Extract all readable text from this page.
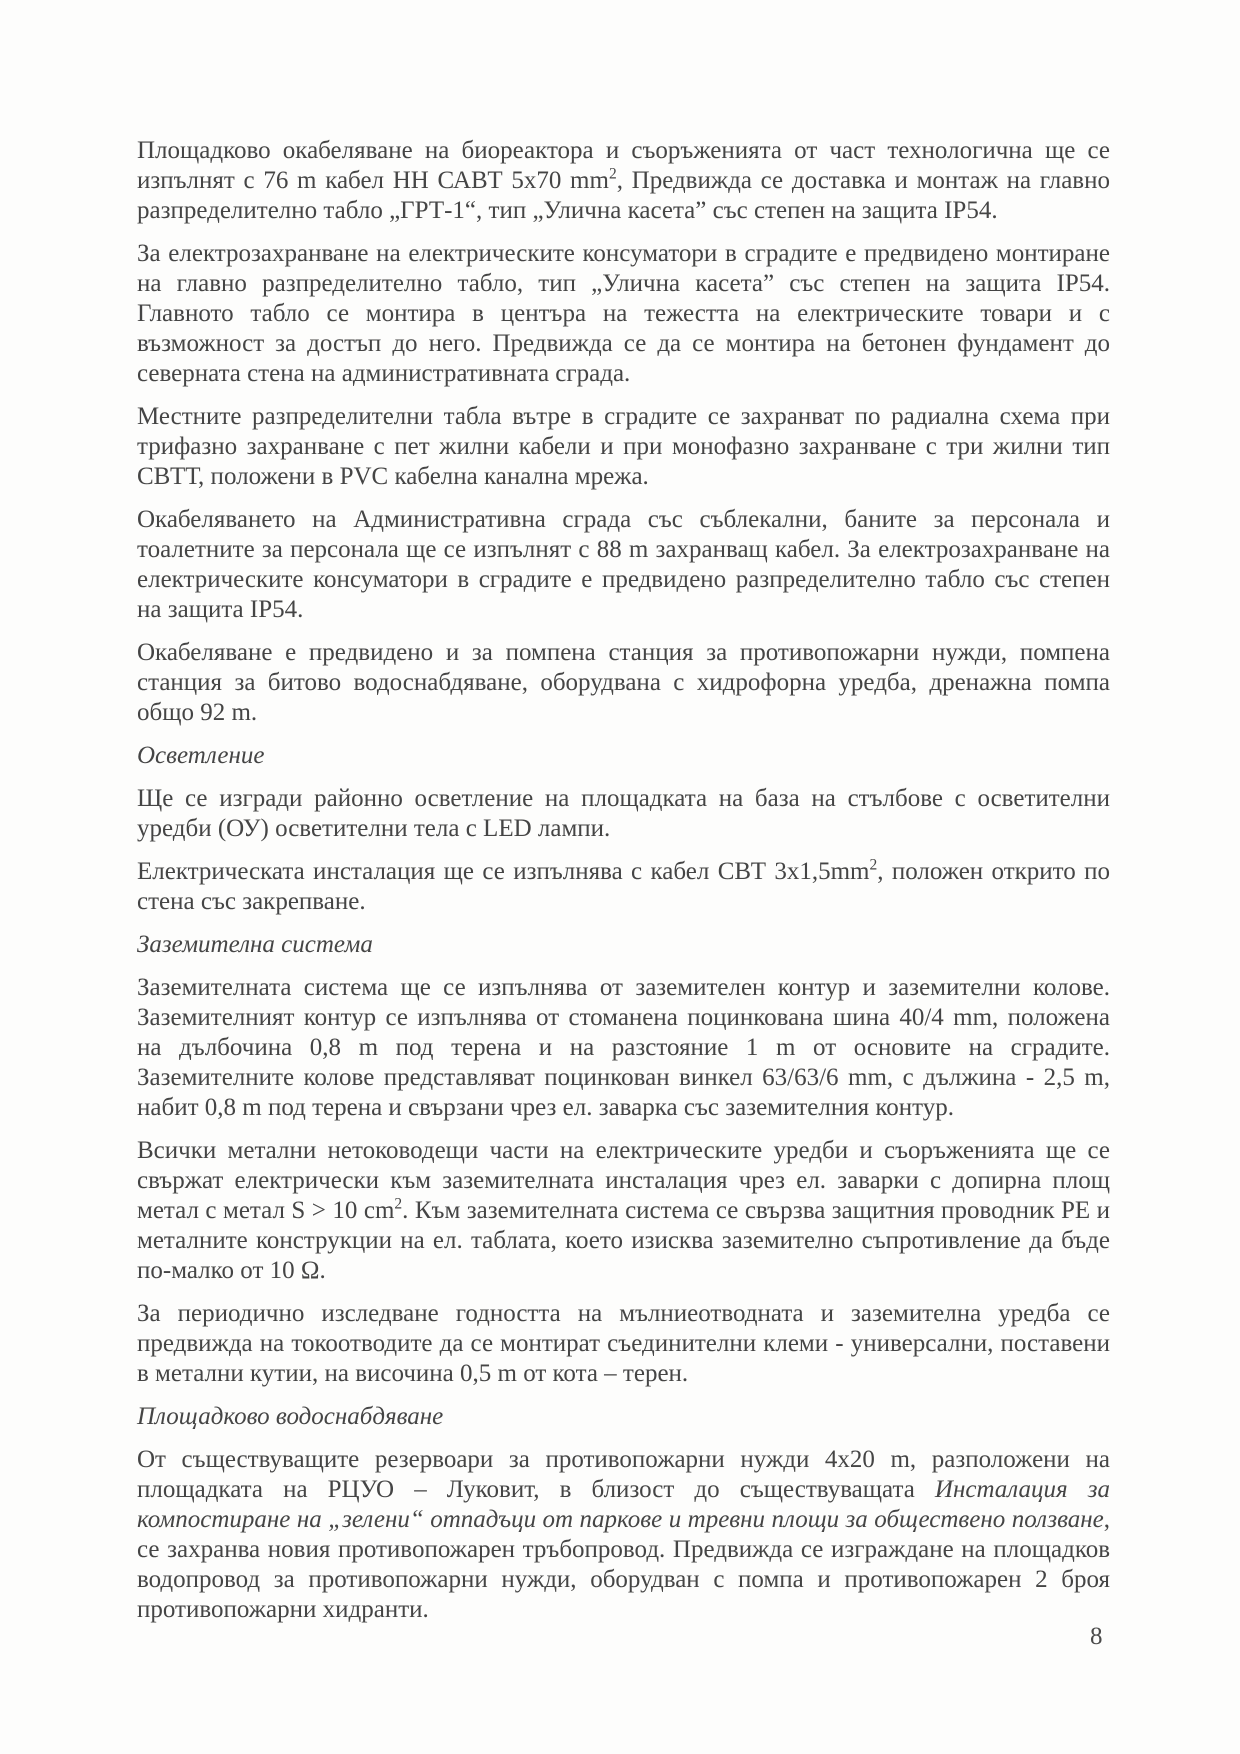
Площадково окабеляване на биореактора и съоръженията от част технологична ще се изпълнят с 76 m кабел НН САВТ 5х70 $mm^2$, Предвижда се доставка и монтаж на главно разпределително табло „ГРТ-1“, тип „Улична касета” със степен на защита IP54.

За електрозахранване на електрическите консуматори в сградите е предвидено монтиране на главно разпределително табло, тип „Улична касета” със степен на защита IP54. Главното табло се монтира в центъра на тежестта на електрическите товари и с възможност за достъп до него. Предвижда се да се монтира на бетонен фундамент до северната стена на административната сграда.

Местните разпределителни табла вътре в сградите се захранват по радиална схема при трифазно захранване с пет жилни кабели и при монофазно захранване с три жилни тип СВТТ, положени в PVC кабелна канална мрежа.

Окабеляването на Административна сграда със съблекални, баните за персонала и тоалетните за персонала ще се изпълнят с 88 m захранващ кабел. За електрозахранване на електрическите консуматори в сградите е предвидено разпределително табло със степен на защита IP54.

Окабеляване е предвидено и за помпена станция за противопожарни нужди, помпена станция за битово водоснабдяване, оборудвана с хидрофорна уредба, дренажна помпа общо 92 m.

Осветление

Ще се изгради районно осветление на площадката на база на стълбове с осветителни уредби (ОУ) осветителни тела с LED лампи.

Електрическата инсталация ще се изпълнява с кабел СВТ $3х1,5mm^2$, положен открито по стена със закрепване.

Заземителна система

Заземителната система ще се изпълнява от заземителен контур и заземителни колове. Заземителният контур се изпълнява от стоманена поцинкована шина 40/4 mm, положена на дълбочина 0,8 m под терена и на разстояние 1 m от основите на сградите. Заземителните колове представляват поцинкован винкел 63/63/6 mm, с дължина - 2,5 m, набит 0,8 m под терена и свързани чрез ел. заварка със заземителния контур.

Всички метални нетоководещи части на електрическите уредби и съоръженията ще се свържат електрически към заземителната инсталация чрез ел. заварки с допирна площ метал с метал S > 10 $cm^2$. Към заземителната система се свързва защитния проводник PE и металните конструкции на ел. таблата, което изисква заземително съпротивление да бъде по-малко от 10 Ω.

За периодично изследване годността на мълниеотводната и заземителна уредба се предвижда на токоотводите да се монтират съединителни клеми - универсални, поставени в метални кутии, на височина 0,5 m от кота – терен.

Площадково водоснабдяване

От съществуващите резервоари за противопожарни нужди 4х20 m, разположени на площадката на РЦУО – Луковит, в близост до съществуващата Инсталация за компостиране на „зелени“ отпадъци от паркове и тревни площи за обществено ползване, се захранва новия противопожарен тръбопровод. Предвижда се изграждане на площадков водопровод за противопожарни нужди, оборудван с помпа и противопожарен 2 броя противопожарни хидранти.

8
